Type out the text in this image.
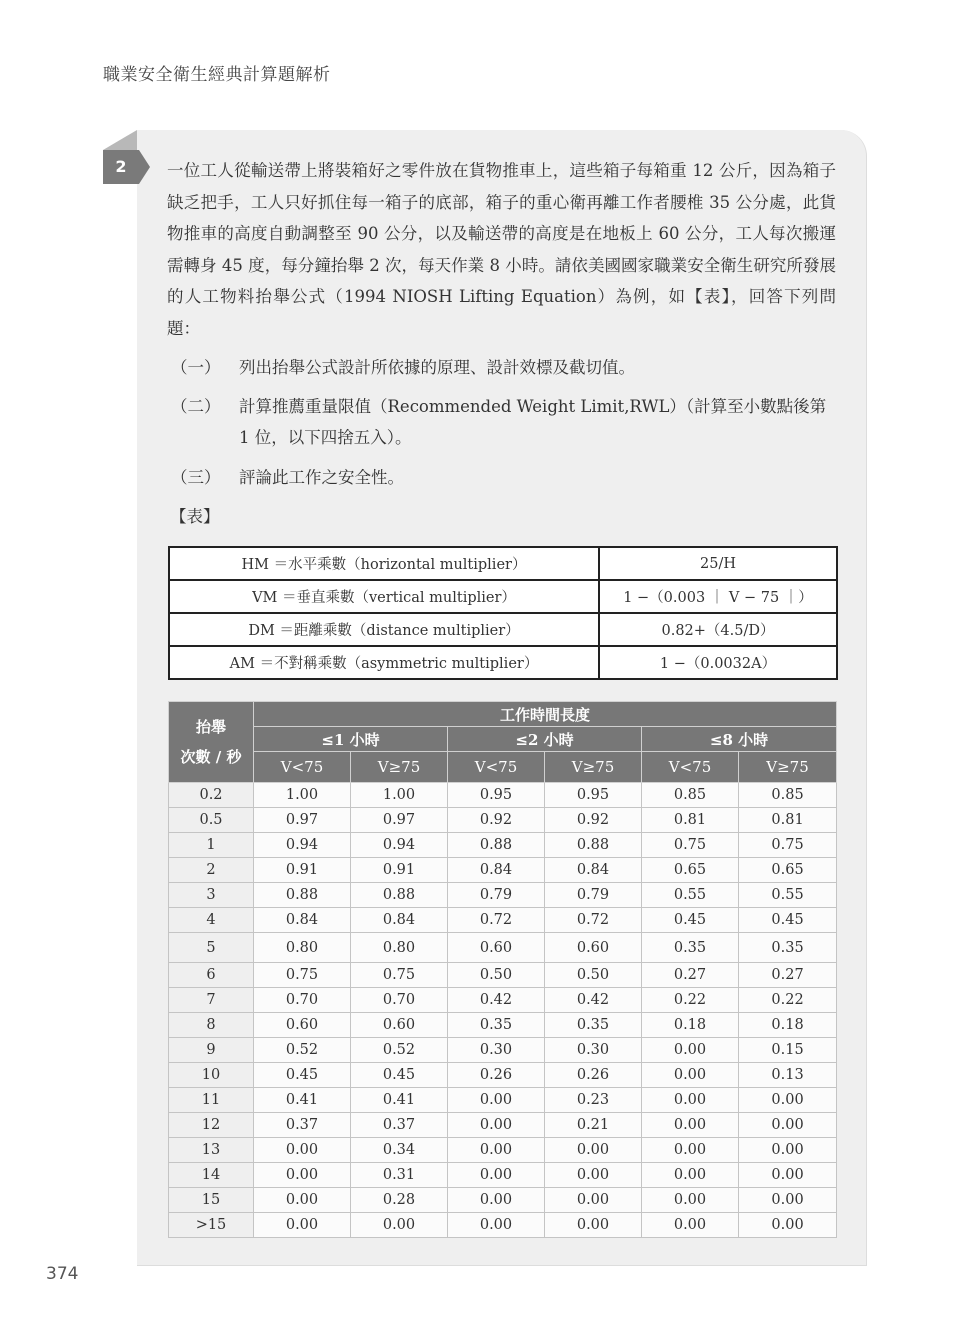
職業安全衛生經典計算題解析
2	一位工人從輸送帶上將裝箱好之零件放在貨物推車上，這些箱子每箱重 12 公斤，因為箱子缺乏把手，工人只好抓住每一箱子的底部，箱子的重心衛再離工作者腰椎 35 公分處，此貨物推車的高度自動調整至 90 公分，以及輸送帶的高度是在地板上 60 公分，工人每次搬運需轉身 45 度，每分鐘抬舉 2 次，每天作業 8 小時。請依美國國家職業安全衛生研究所發展的人工物料抬舉公式（1994 NIOSH Lifting Equation）為例，如【表】，回答下列問題：
（一） 列出抬舉公式設計所依據的原理、設計效標及截切值。
（二） 計算推薦重量限值（Recommended Weight Limit,RWL）（計算至小數點後第 1 位，以下四捨五入）。
（三） 評論此工作之安全性。
【表】
HM ＝水平乘數（horizontal multiplier）	25/H
VM ＝垂直乘數（vertical multiplier）	1 −（0.003 ｜ V − 75 ｜）
DM ＝距離乘數（distance multiplier）	0.82+（4.5/D）
AM ＝不對稱乘數（asymmetric multiplier）	1 −（0.0032A）
抬舉
次數 / 秒	工作時間長度					
	≤1 小時		≤2 小時		≤8 小時	
	V<75	V≥75	V<75	V≥75	V<75	V≥75
0.2	1.00	1.00	0.95	0.95	0.85	0.85
0.5	0.97	0.97	0.92	0.92	0.81	0.81
1	0.94	0.94	0.88	0.88	0.75	0.75
2	0.91	0.91	0.84	0.84	0.65	0.65
3	0.88	0.88	0.79	0.79	0.55	0.55
4	0.84	0.84	0.72	0.72	0.45	0.45
5	0.80	0.80	0.60	0.60	0.35	0.35
6	0.75	0.75	0.50	0.50	0.27	0.27
7	0.70	0.70	0.42	0.42	0.22	0.22
8	0.60	0.60	0.35	0.35	0.18	0.18
9	0.52	0.52	0.30	0.30	0.00	0.15
10	0.45	0.45	0.26	0.26	0.00	0.13
11	0.41	0.41	0.00	0.23	0.00	0.00
12	0.37	0.37	0.00	0.21	0.00	0.00
13	0.00	0.34	0.00	0.00	0.00	0.00
14	0.00	0.31	0.00	0.00	0.00	0.00
15	0.00	0.28	0.00	0.00	0.00	0.00
>15	0.00	0.00	0.00	0.00	0.00	0.00
374
